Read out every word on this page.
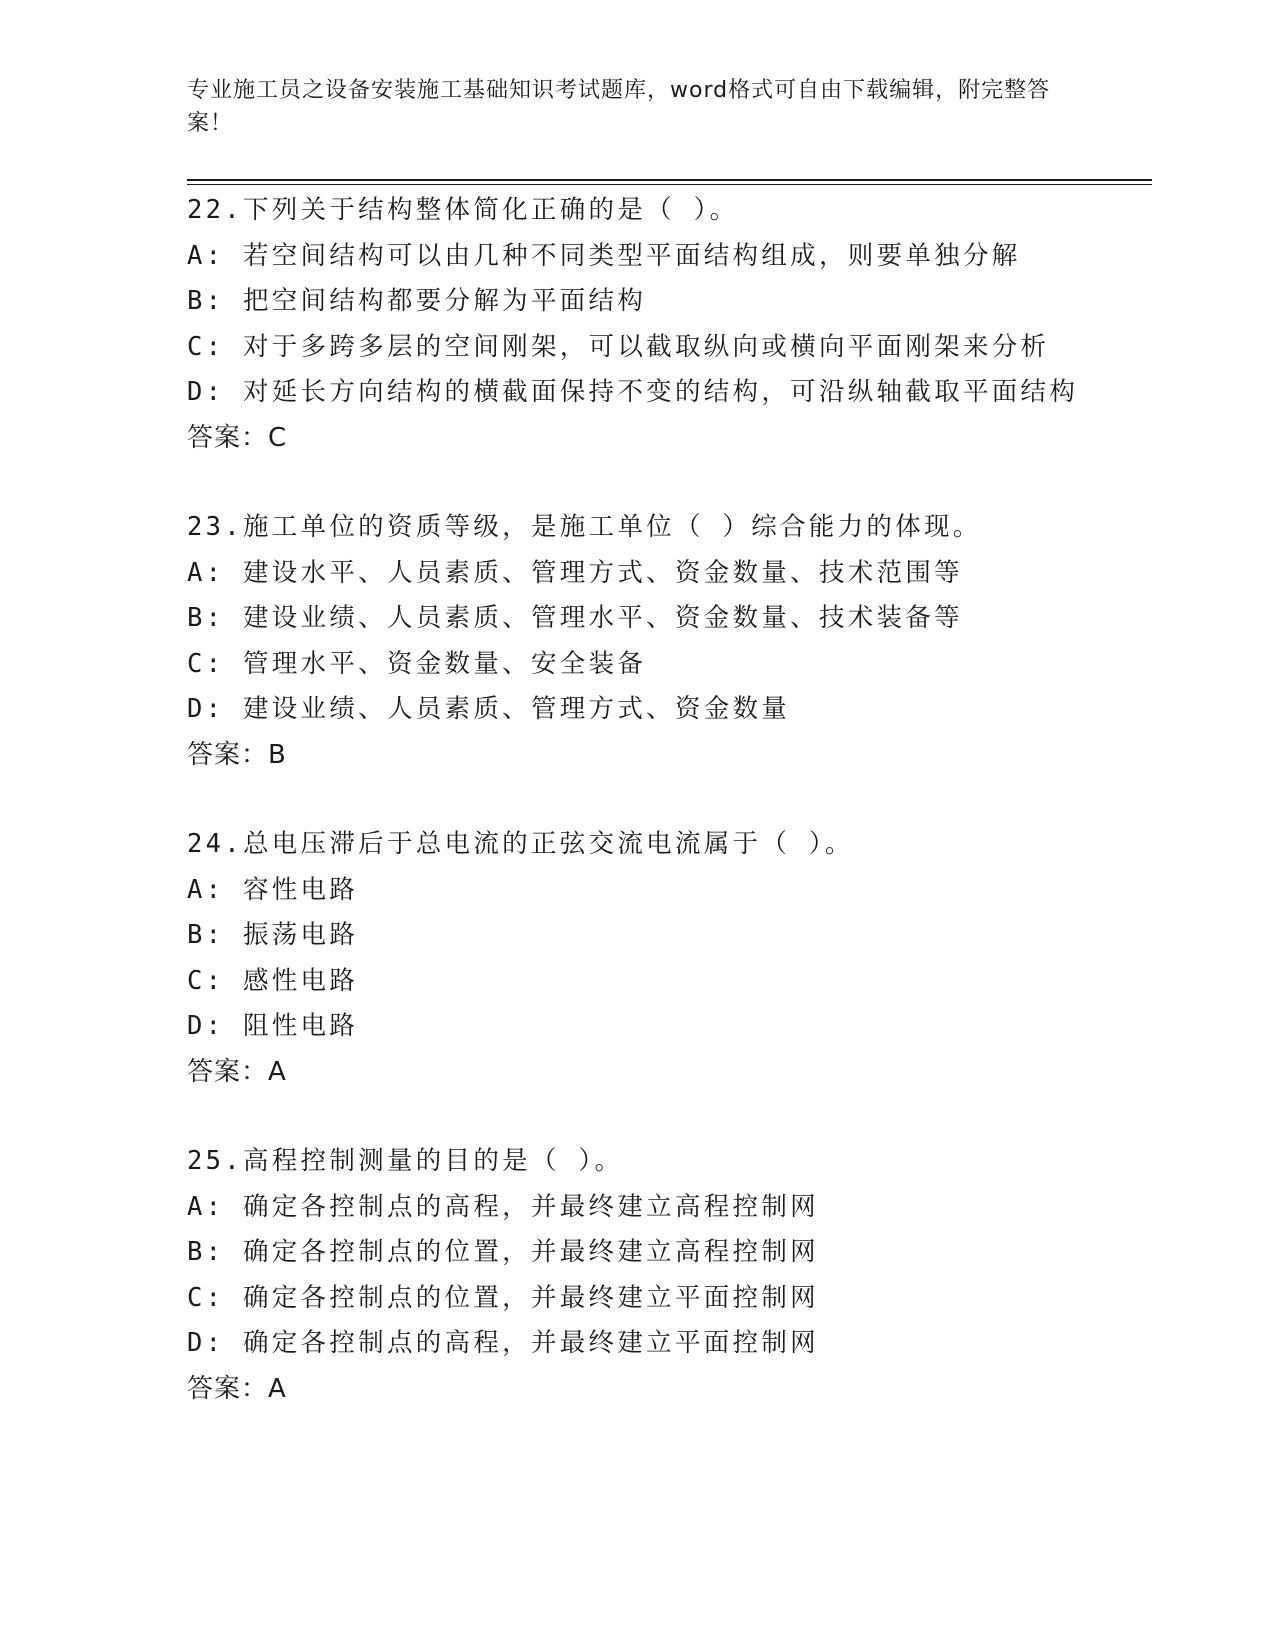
专业施工员之设备安装施工基础知识考试题库，word格式可自由下载编辑，附完整答案！
22.下列关于结构整体简化正确的是（ ）。
A: 若空间结构可以由几种不同类型平面结构组成，则要单独分解
B: 把空间结构都要分解为平面结构
C: 对于多跨多层的空间刚架，可以截取纵向或横向平面刚架来分析
D: 对延长方向结构的横截面保持不变的结构，可沿纵轴截取平面结构
答案：C
23.施工单位的资质等级，是施工单位（ ）综合能力的体现。
A: 建设水平、人员素质、管理方式、资金数量、技术范围等
B: 建设业绩、人员素质、管理水平、资金数量、技术装备等
C: 管理水平、资金数量、安全装备
D: 建设业绩、人员素质、管理方式、资金数量
答案：B
24.总电压滞后于总电流的正弦交流电流属于（ ）。
A: 容性电路
B: 振荡电路
C: 感性电路
D: 阻性电路
答案：A
25.高程控制测量的目的是（ ）。
A: 确定各控制点的高程，并最终建立高程控制网
B: 确定各控制点的位置，并最终建立高程控制网
C: 确定各控制点的位置，并最终建立平面控制网
D: 确定各控制点的高程，并最终建立平面控制网
答案：A
